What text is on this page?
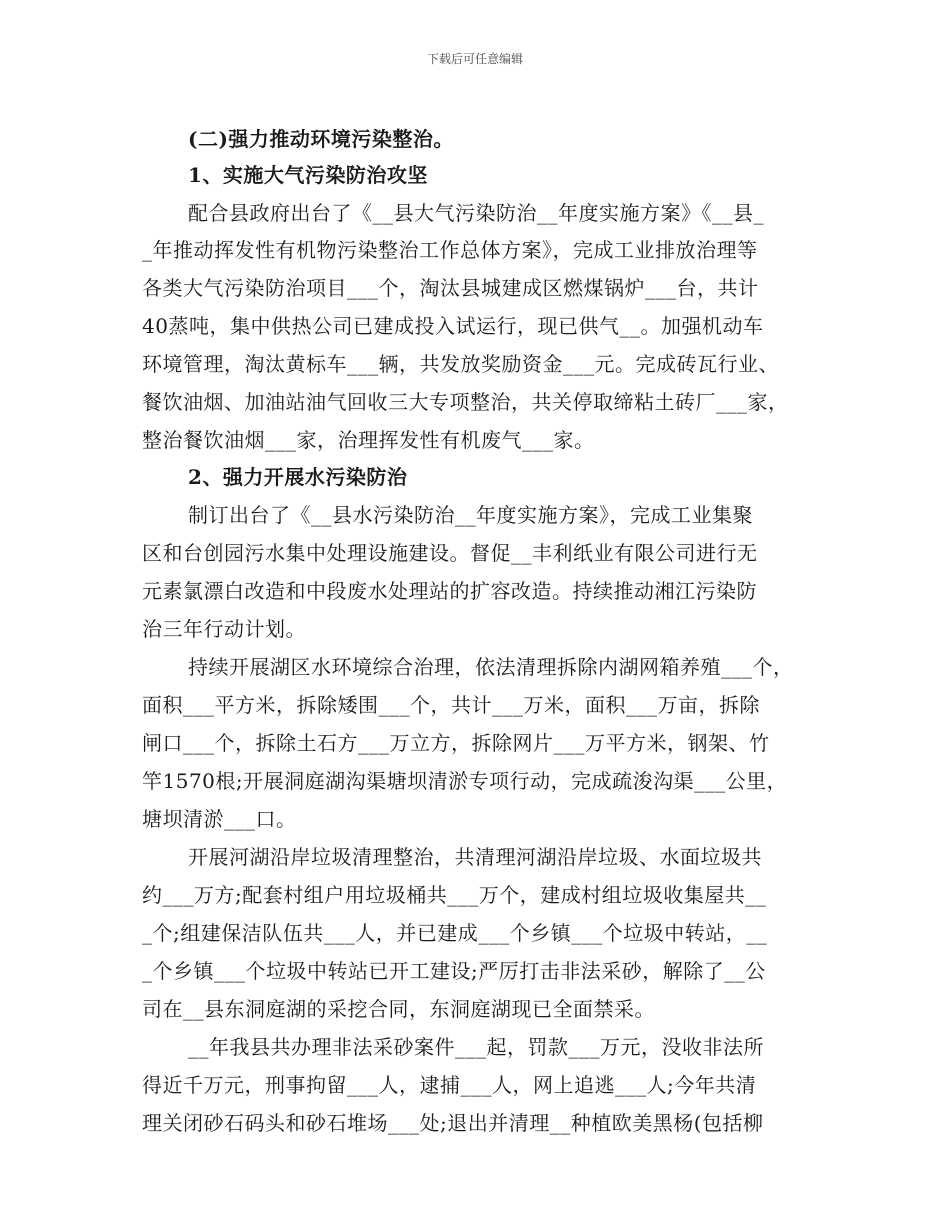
下载后可任意编辑
(二)强力推动环境污染整治。
1、实施大气污染防治攻坚
配合县政府出台了《__县大气污染防治__年度实施方案》《__县_
_年推动挥发性有机物污染整治工作总体方案》，完成工业排放治理等
各类大气污染防治项目___个，淘汰县城建成区燃煤锅炉___台，共计
40蒸吨，集中供热公司已建成投入试运行，现已供气__。加强机动车
环境管理，淘汰黄标车___辆，共发放奖励资金___元。完成砖瓦行业、
餐饮油烟、加油站油气回收三大专项整治，共关停取缔粘土砖厂___家，
整治餐饮油烟___家，治理挥发性有机废气___家。
2、强力开展水污染防治
制订出台了《__县水污染防治__年度实施方案》，完成工业集聚
区和台创园污水集中处理设施建设。督促__丰利纸业有限公司进行无
元素氯漂白改造和中段废水处理站的扩容改造。持续推动湘江污染防
治三年行动计划。
持续开展湖区水环境综合治理，依法清理拆除内湖网箱养殖___个，
面积___平方米，拆除矮围___个，共计___万米，面积___万亩，拆除
闸口___个，拆除土石方___万立方，拆除网片___万平方米，钢架、竹
竿1570根;开展洞庭湖沟渠塘坝清淤专项行动，完成疏浚沟渠___公里，
塘坝清淤___口。
开展河湖沿岸垃圾清理整治，共清理河湖沿岸垃圾、水面垃圾共
约___万方;配套村组户用垃圾桶共___万个，建成村组垃圾收集屋共__
_个;组建保洁队伍共___人，并已建成___个乡镇___个垃圾中转站，__
_个乡镇___个垃圾中转站已开工建设;严厉打击非法采砂，解除了__公
司在__县东洞庭湖的采挖合同，东洞庭湖现已全面禁采。
__年我县共办理非法采砂案件___起，罚款___万元，没收非法所
得近千万元，刑事拘留___人，逮捕___人，网上追逃___人;今年共清
理关闭砂石码头和砂石堆场___处;退出并清理__种植欧美黑杨(包括柳
